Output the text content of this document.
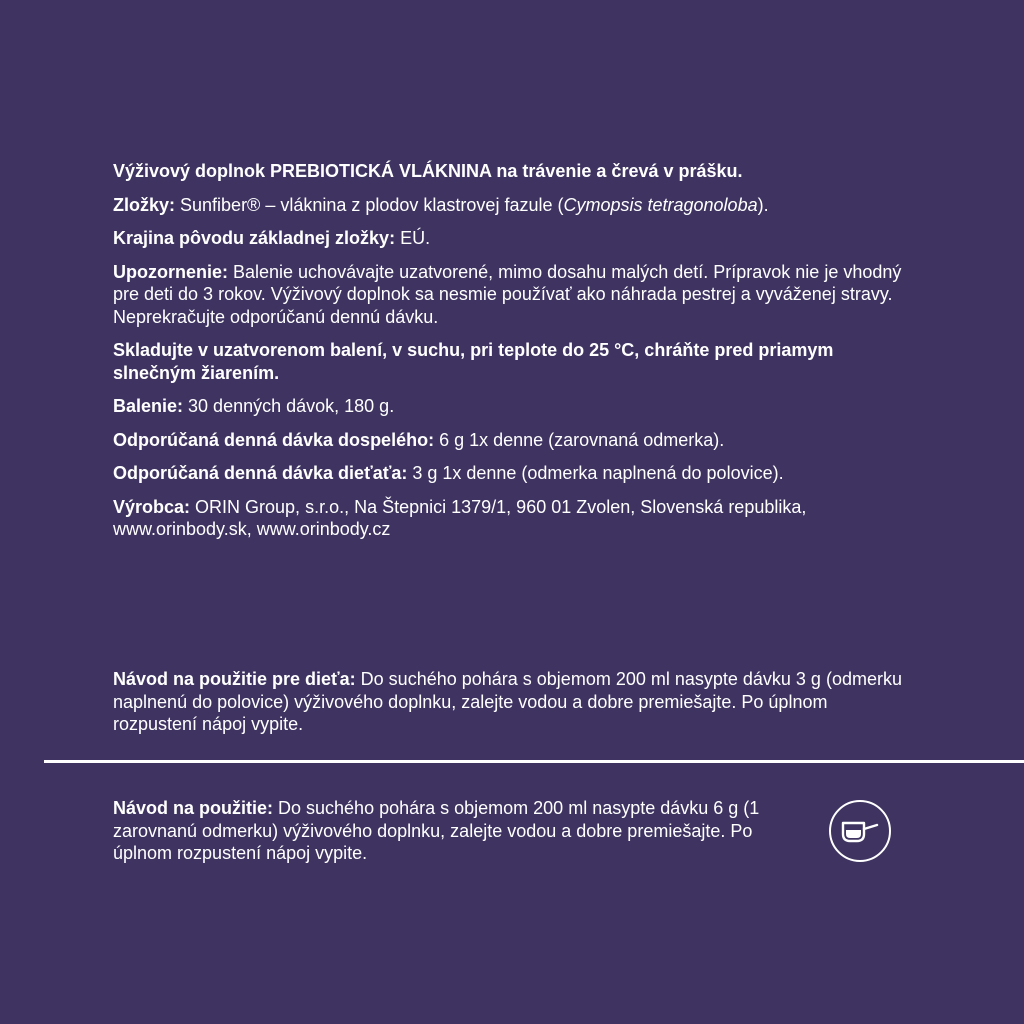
Výživový doplnok PREBIOTICKÁ VLÁKNINA na trávenie a črevá v prášku.

Zložky: Sunfiber® – vláknina z plodov klastrovej fazule (Cymopsis tetragonoloba).

Krajina pôvodu základnej zložky: EÚ.

Upozornenie: Balenie uchovávajte uzatvorené, mimo dosahu malých detí. Prípravok nie je vhodný pre deti do 3 rokov. Výživový doplnok sa nesmie používať ako náhrada pestrej a vyváženej stravy. Neprekračujte odporúčanú dennú dávku.

Skladujte v uzatvorenom balení, v suchu, pri teplote do 25 °C, chráňte pred priamym slnečným žiarením.

Balenie: 30 denných dávok, 180 g.

Odporúčaná denná dávka dospelého: 6 g 1x denne (zarovnaná odmerka).

Odporúčaná denná dávka dieťaťa: 3 g 1x denne (odmerka naplnená do polovice).

Výrobca: ORIN Group, s.r.o., Na Štepnici 1379/1, 960 01 Zvolen, Slovenská republika, www.orinbody.sk, www.orinbody.cz

Návod na použitie pre dieťa: Do suchého pohára s objemom 200 ml nasypte dávku 3 g (odmerku naplnenú do polovice) výživového doplnku, zalejte vodou a dobre premiešajte. Po úplnom rozpustení nápoj vypite.

Návod na použitie: Do suchého pohára s objemom 200 ml nasypte dávku 6 g (1 zarovnanú odmerku) výživového doplnku, zalejte vodou a dobre premiešajte. Po úplnom rozpustení nápoj vypite.
